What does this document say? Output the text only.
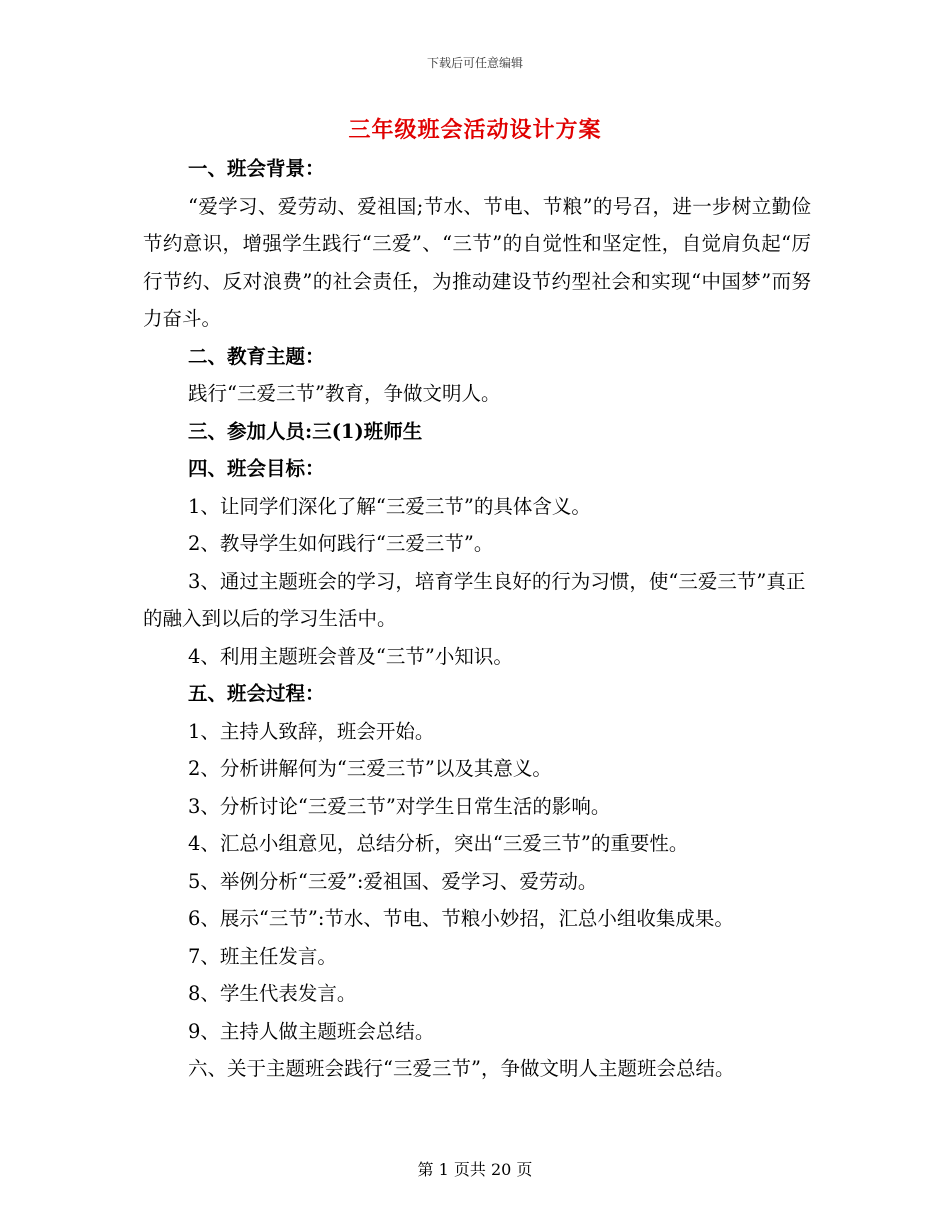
下载后可任意编辑
三年级班会活动设计方案

一、班会背景：

“爱学习、爱劳动、爱祖国;节水、节电、节粮”的号召，进一步树立勤俭节约意识，增强学生践行“三爱”、“三节”的自觉性和坚定性，自觉肩负起“厉行节约、反对浪费”的社会责任，为推动建设节约型社会和实现“中国梦”而努力奋斗。

二、教育主题：

践行“三爱三节”教育，争做文明人。

三、参加人员:三(1)班师生

四、班会目标：

1、让同学们深化了解“三爱三节”的具体含义。

2、教导学生如何践行“三爱三节”。

3、通过主题班会的学习，培育学生良好的行为习惯，使“三爱三节”真正的融入到以后的学习生活中。

4、利用主题班会普及“三节”小知识。

五、班会过程：

1、主持人致辞，班会开始。

2、分析讲解何为“三爱三节”以及其意义。

3、分析讨论“三爱三节”对学生日常生活的影响。

4、汇总小组意见，总结分析，突出“三爱三节”的重要性。

5、举例分析“三爱”:爱祖国、爱学习、爱劳动。

6、展示“三节”:节水、节电、节粮小妙招，汇总小组收集成果。

7、班主任发言。

8、学生代表发言。

9、主持人做主题班会总结。

六、关于主题班会践行“三爱三节”，争做文明人主题班会总结。

第 1 页共 20 页
